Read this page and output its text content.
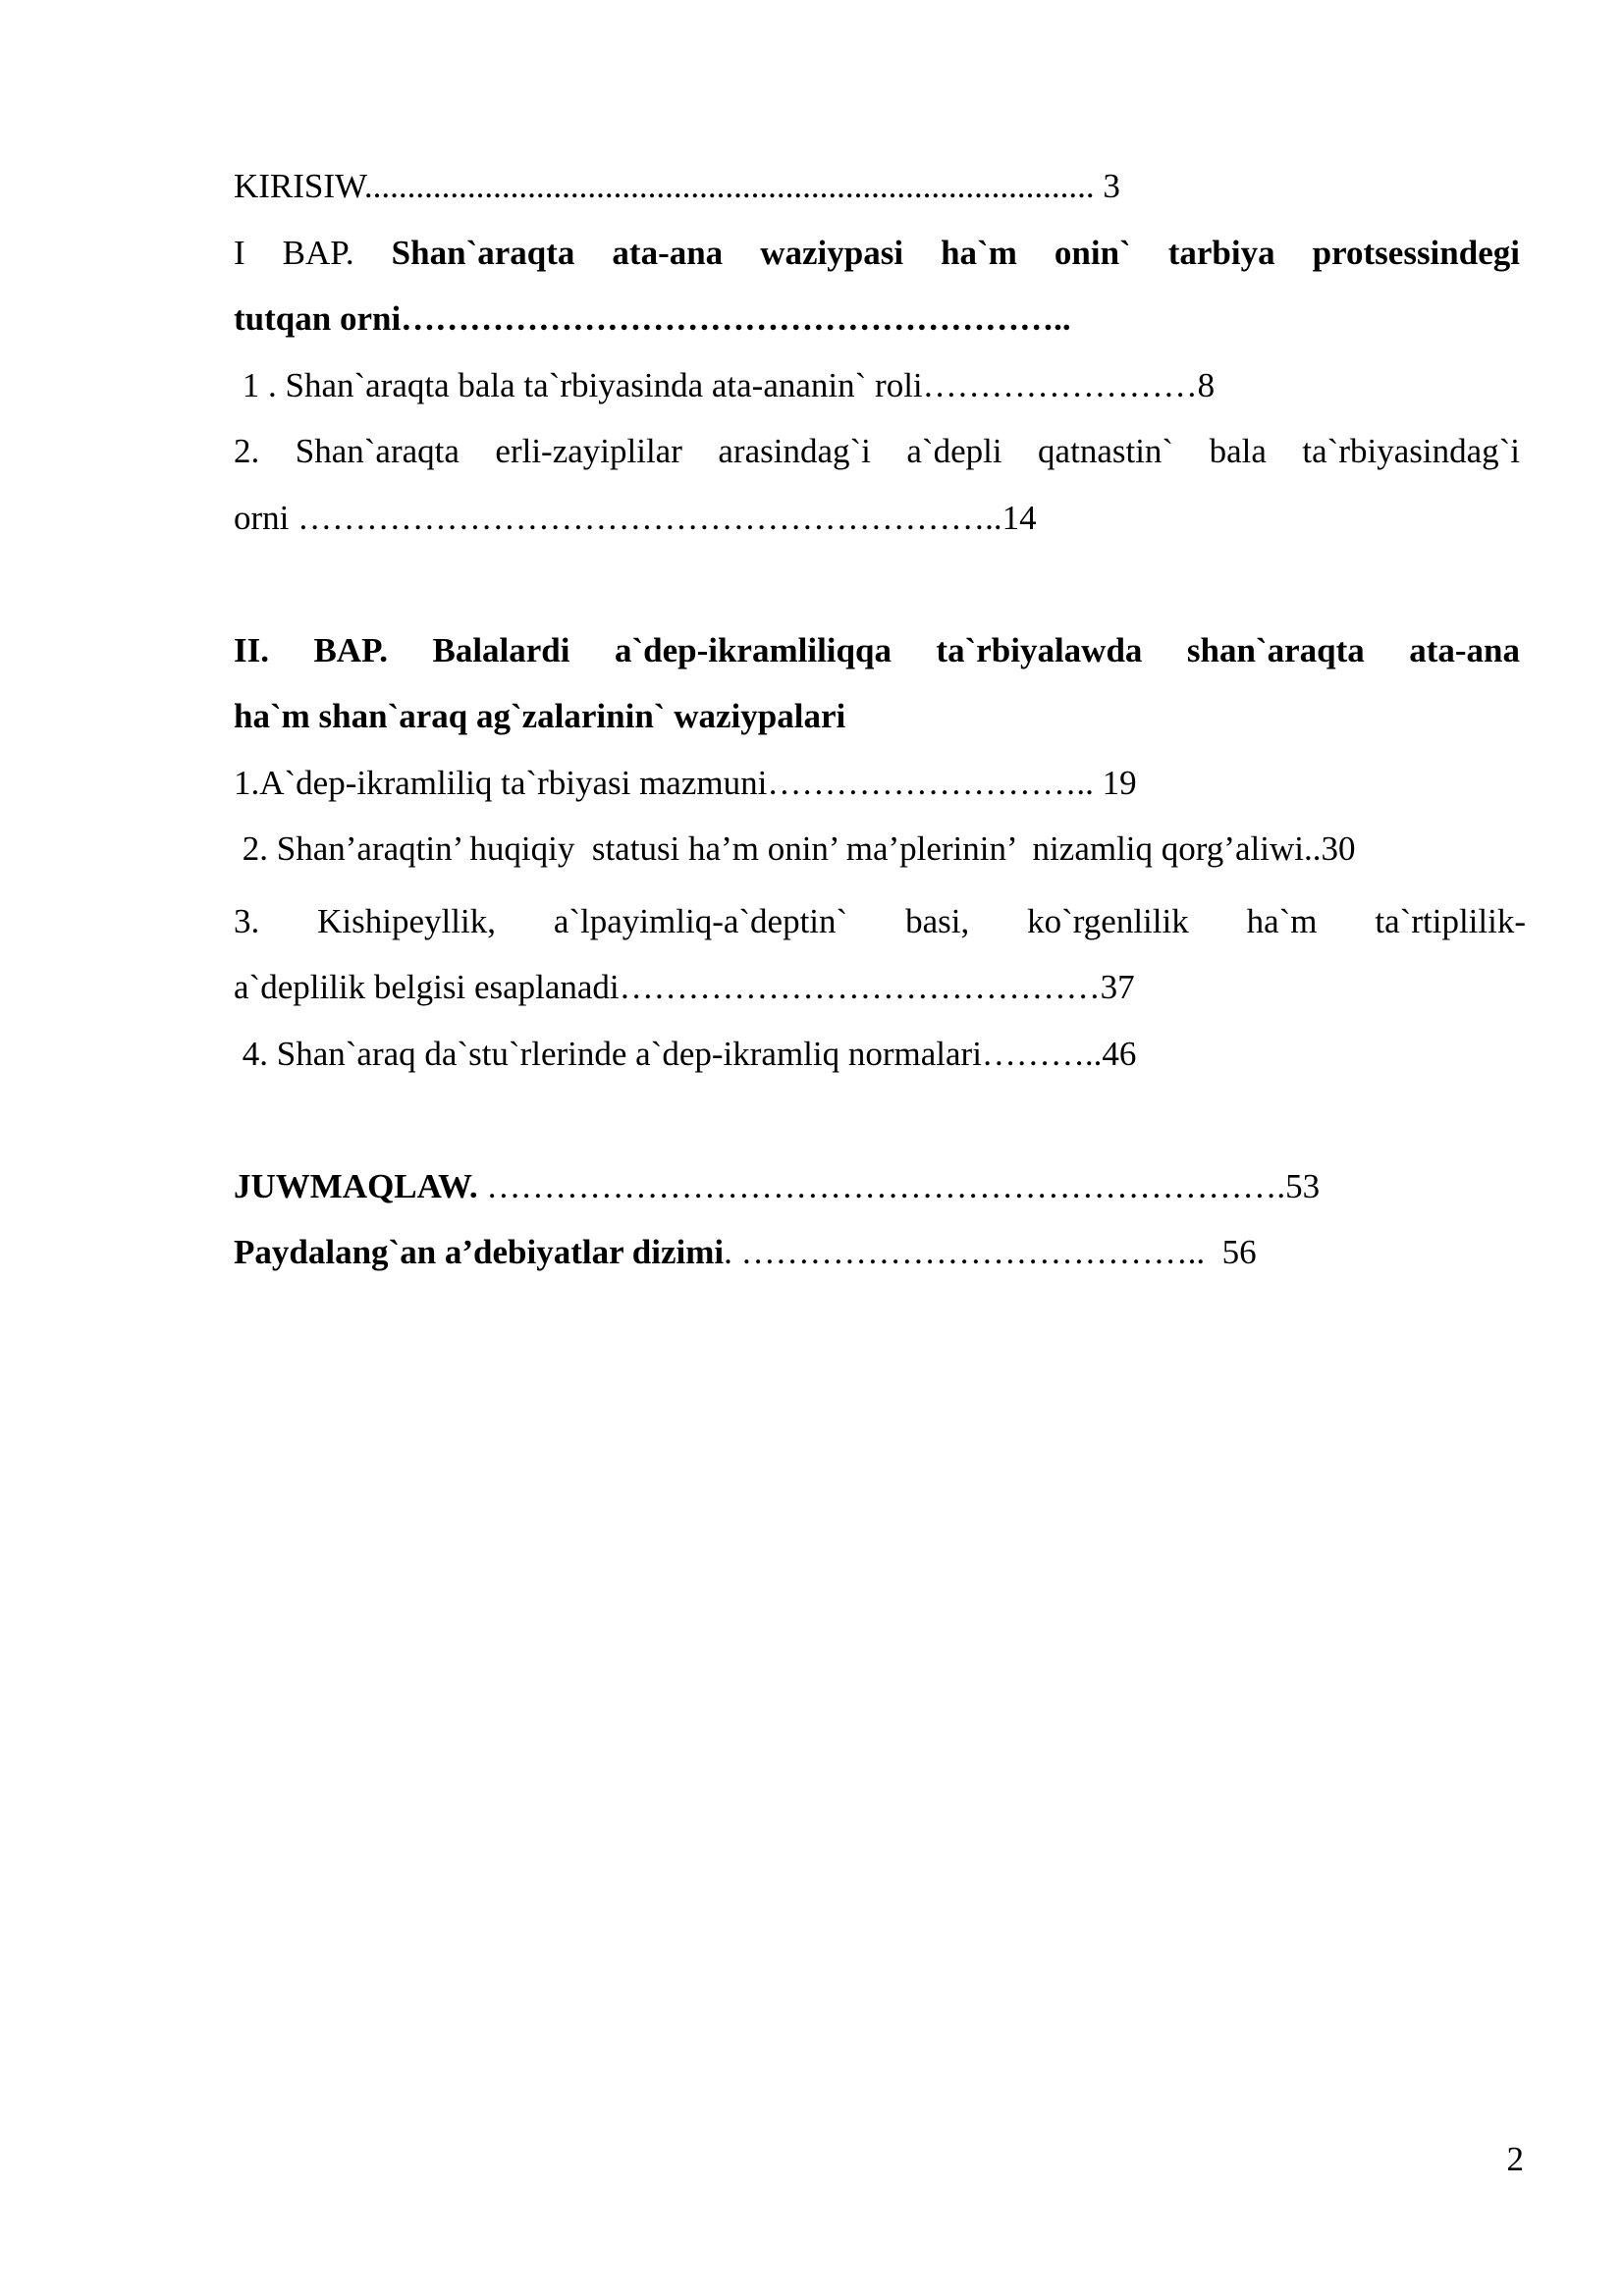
KIRISIW..................................................................................... 3
I BAP. Shan`araqta ata-ana waziypasi ha`m onin` tarbiya protsessindegi
tutqan orni…………………………………………………..
1 . Shan`araqta bala ta`rbiyasinda ata-ananin` roli……………………8
2. Shan`araqta erli-zayiplilar arasindag`i a`depli qatnastin` bala ta`rbiyasindag`i
orni ……………………………………………………..14
II. BAP. Balalardi a`dep-ikramliliqqa ta`rbiyalawda shan`araqta ata-ana
ha`m shan`araq ag`zalarinin` waziypalari
1.A`dep-ikramliliq ta`rbiyasi mazmuni……………………….. 19
2. Shan’araqtin’ huqiqiy  statusi ha’m onin’ ma’plerinin’  nizamliq qorg’aliwi..30
3. Kishipeyllik, a`lpayimliq-a`deptin` basi, ko`rgenlilik ha`m ta`rtiplilik-
a`deplilik belgisi esaplanadi……………………………………37
4. Shan`araq da`stu`rlerinde a`dep-ikramliq normalari………..46
JUWMAQLAW. …………………………………………………………….53
Paydalang`an a’debiyatlar dizimi. …………………………………..  56
2
